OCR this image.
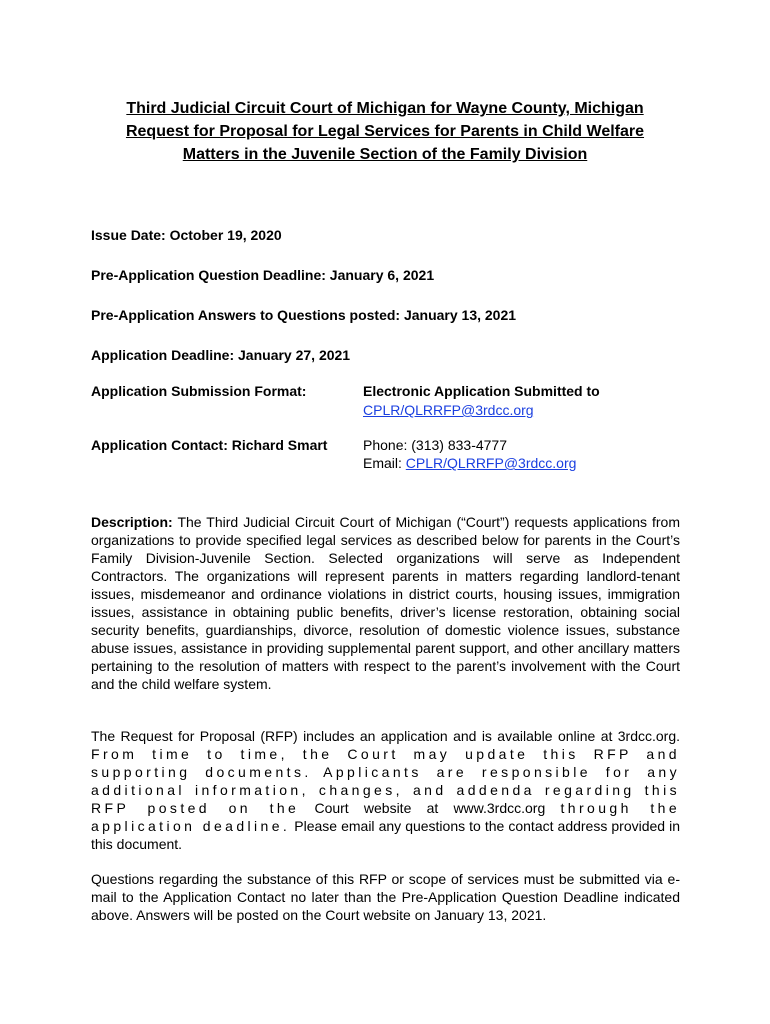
Third Judicial Circuit Court of Michigan for Wayne County, Michigan
Request for Proposal for Legal Services for Parents in Child Welfare
Matters in the Juvenile Section of the Family Division
Issue Date: October 19, 2020
Pre-Application Question Deadline: January 6, 2021
Pre-Application Answers to Questions posted: January 13, 2021
Application Deadline: January 27, 2021
Application Submission Format:	Electronic Application Submitted to
CPLR/QLRRFP@3rdcc.org
Application Contact: Richard Smart	Phone: (313) 833-4777
Email: CPLR/QLRRFP@3rdcc.org
Description: The Third Judicial Circuit Court of Michigan (“Court”) requests applications from organizations to provide specified legal services as described below for parents in the Court’s Family Division-Juvenile Section. Selected organizations will serve as Independent Contractors. The organizations will represent parents in matters regarding landlord-tenant issues, misdemeanor and ordinance violations in district courts, housing issues, immigration issues, assistance in obtaining public benefits, driver’s license restoration, obtaining social security benefits, guardianships, divorce, resolution of domestic violence issues, substance abuse issues, assistance in providing supplemental parent support, and other ancillary matters pertaining to the resolution of matters with respect to the parent’s involvement with the Court and the child welfare system.
The Request for Proposal (RFP) includes an application and is available online at 3rdcc.org. From time to time, the Court may update this RFP and supporting documents. Applicants are responsible for any additional information, changes, and addenda regarding this RFP posted on the Court website at www.3rdcc.org through the application deadline. Please email any questions to the contact address provided in this document.
Questions regarding the substance of this RFP or scope of services must be submitted via e-mail to the Application Contact no later than the Pre-Application Question Deadline indicated above. Answers will be posted on the Court website on January 13, 2021.
